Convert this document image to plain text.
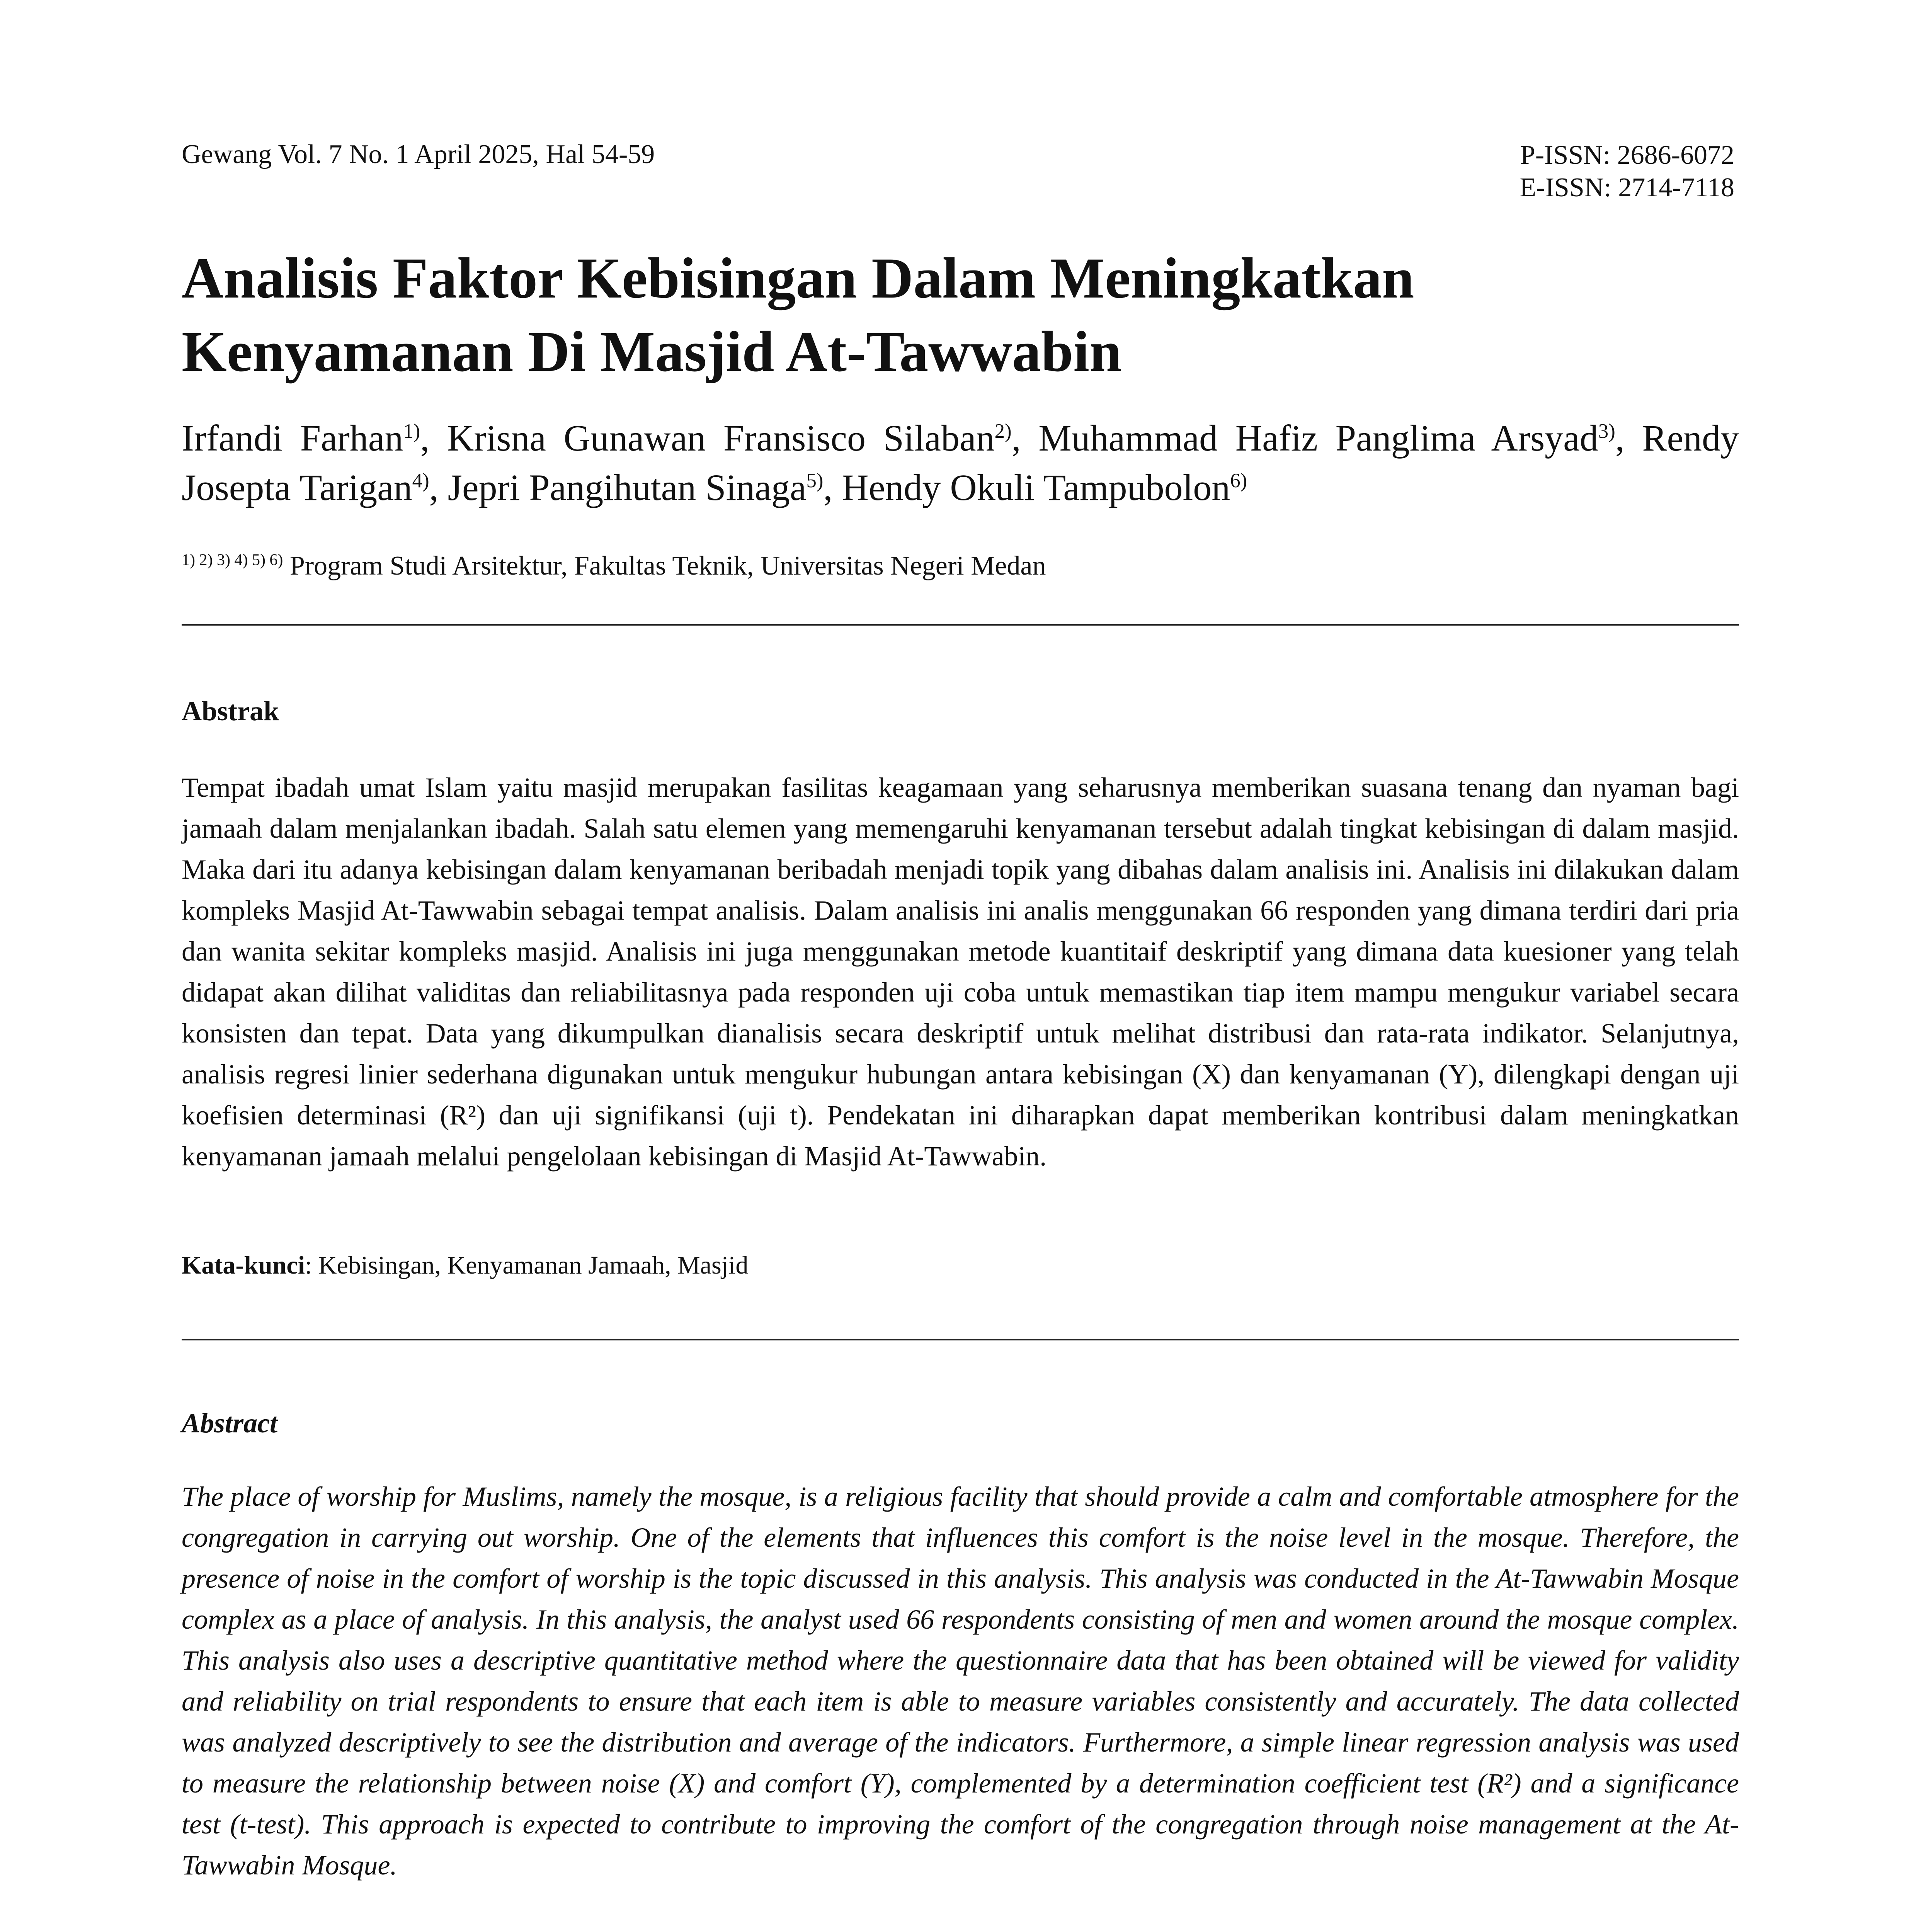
Gewang Vol. 7 No. 1 April 2025, Hal 54-59	P-ISSN: 2686-6072
E-ISSN: 2714-7118
Analisis Faktor Kebisingan Dalam Meningkatkan
Kenyamanan Di Masjid At-Tawwabin
Irfandi Farhan$^{1)}$, Krisna Gunawan Fransisco Silaban$^{2)}$, Muhammad Hafiz Panglima Arsyad$^{3)}$, Rendy Josepta Tarigan$^{4)}$, Jepri Pangihutan Sinaga$^{5)}$, Hendy Okuli Tampubolon$^{6)}$
$^{1) 2) 3) 4) 5) 6)}$ Program Studi Arsitektur, Fakultas Teknik, Universitas Negeri Medan
Abstrak
Tempat ibadah umat Islam yaitu masjid merupakan fasilitas keagamaan yang seharusnya memberikan suasana tenang dan nyaman bagi jamaah dalam menjalankan ibadah. Salah satu elemen yang memengaruhi kenyamanan tersebut adalah tingkat kebisingan di dalam masjid. Maka dari itu adanya kebisingan dalam kenyamanan beribadah menjadi topik yang dibahas dalam analisis ini. Analisis ini dilakukan dalam kompleks Masjid At-Tawwabin sebagai tempat analisis. Dalam analisis ini analis menggunakan 66 responden yang dimana terdiri dari pria dan wanita sekitar kompleks masjid. Analisis ini juga menggunakan metode kuantitaif deskriptif yang dimana data kuesioner yang telah didapat akan dilihat validitas dan reliabilitasnya pada responden uji coba untuk memastikan tiap item mampu mengukur variabel secara konsisten dan tepat. Data yang dikumpulkan dianalisis secara deskriptif untuk melihat distribusi dan rata-rata indikator. Selanjutnya, analisis regresi linier sederhana digunakan untuk mengukur hubungan antara kebisingan (X) dan kenyamanan (Y), dilengkapi dengan uji koefisien determinasi (R²) dan uji signifikansi (uji t). Pendekatan ini diharapkan dapat memberikan kontribusi dalam meningkatkan kenyamanan jamaah melalui pengelolaan kebisingan di Masjid At-Tawwabin.
Kata-kunci: Kebisingan, Kenyamanan Jamaah, Masjid
Abstract
The place of worship for Muslims, namely the mosque, is a religious facility that should provide a calm and comfortable atmosphere for the congregation in carrying out worship. One of the elements that influences this comfort is the noise level in the mosque. Therefore, the presence of noise in the comfort of worship is the topic discussed in this analysis. This analysis was conducted in the At-Tawwabin Mosque complex as a place of analysis. In this analysis, the analyst used 66 respondents consisting of men and women around the mosque complex. This analysis also uses a descriptive quantitative method where the questionnaire data that has been obtained will be viewed for validity and reliability on trial respondents to ensure that each item is able to measure variables consistently and accurately. The data collected was analyzed descriptively to see the distribution and average of the indicators. Furthermore, a simple linear regression analysis was used to measure the relationship between noise (X) and comfort (Y), complemented by a determination coefficient test (R²) and a significance test (t-test). This approach is expected to contribute to improving the comfort of the congregation through noise management at the At-Tawwabin Mosque.
